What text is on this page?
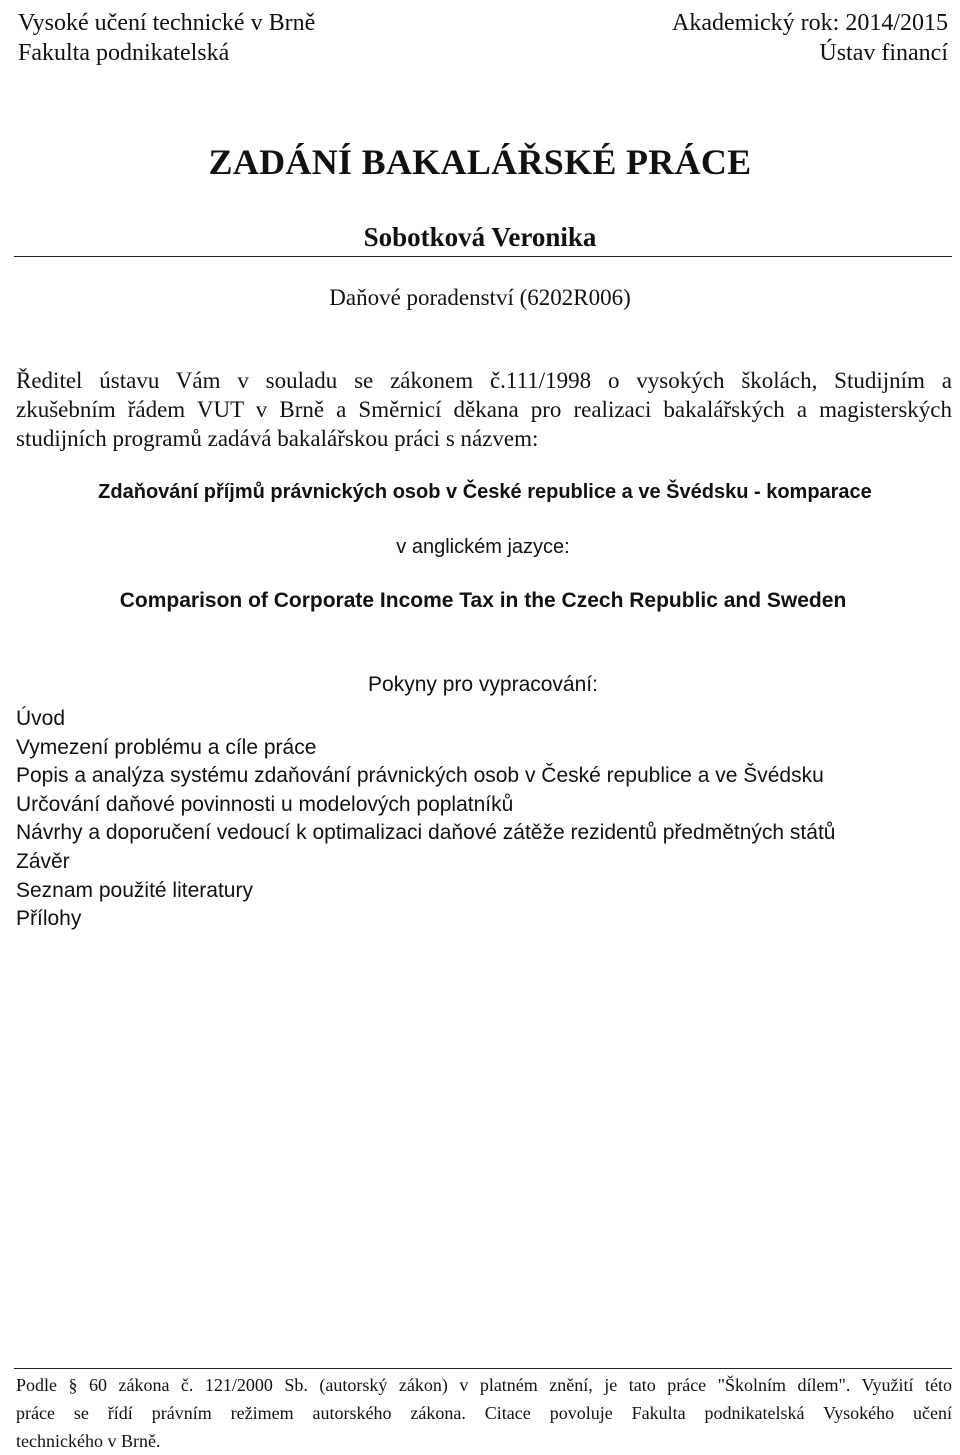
Vysoké učení technické v Brně
Fakulta podnikatelská
Akademický rok: 2014/2015
Ústav financí
ZADÁNÍ BAKALÁŘSKÉ PRÁCE
Sobotková Veronika
Daňové poradenství (6202R006)
Ředitel ústavu Vám v souladu se zákonem č.111/1998 o vysokých školách, Studijním a
zkušebním řádem VUT v Brně a Směrnicí děkana pro realizaci bakalářských a magisterských
studijních programů zadává bakalářskou práci s názvem:
Zdaňování příjmů právnických osob v České republice a ve Švédsku - komparace
v anglickém jazyce:
Comparison of Corporate Income Tax in the Czech Republic and Sweden
Pokyny pro vypracování:
Úvod
Vymezení problému a cíle práce
Popis a analýza systému zdaňování právnických osob v České republice a ve Švédsku
Určování daňové povinnosti u modelových poplatníků
Návrhy a doporučení vedoucí k optimalizaci daňové zátěže rezidentů předmětných států
Závěr
Seznam použité literatury
Přílohy
Podle § 60 zákona č. 121/2000 Sb. (autorský zákon) v platném znění, je tato práce "Školním dílem". Využití této
práce se řídí právním režimem autorského zákona. Citace povoluje Fakulta podnikatelská Vysokého učení
technického v Brně.
